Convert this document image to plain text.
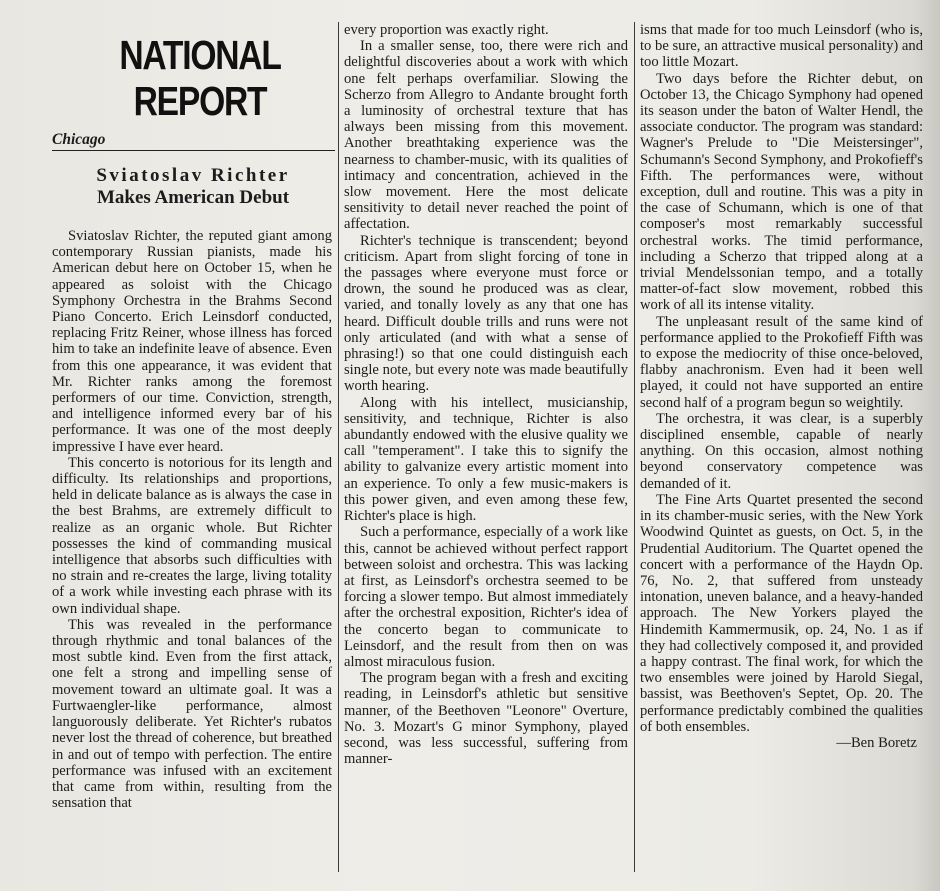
NATIONAL
REPORT
Chicago
Sviatoslav Richter
Makes American Debut

Sviatoslav Richter, the reputed giant among contemporary Russian pianists, made his American debut here on October 15, when he appeared as soloist with the Chicago Symphony Orchestra in the Brahms Second Piano Concerto. Erich Leinsdorf conducted, replacing Fritz Reiner, whose illness has forced him to take an indefinite leave of absence. Even from this one appearance, it was evident that Mr. Richter ranks among the foremost performers of our time. Conviction, strength, and intelligence informed every bar of his performance. It was one of the most deeply impressive I have ever heard.

This concerto is notorious for its length and difficulty. Its relationships and proportions, held in delicate balance as is always the case in the best Brahms, are extremely difficult to realize as an organic whole. But Richter possesses the kind of commanding musical intelligence that absorbs such difficulties with no strain and re-creates the large, living totality of a work while investing each phrase with its own individual shape.

This was revealed in the performance through rhythmic and tonal balances of the most subtle kind. Even from the first attack, one felt a strong and impelling sense of movement toward an ultimate goal. It was a Furtwaengler-like performance, almost languorously deliberate. Yet Richter's rubatos never lost the thread of coherence, but breathed in and out of tempo with perfection. The entire performance was infused with an excitement that came from within, resulting from the sensation that

every proportion was exactly right.

In a smaller sense, too, there were rich and delightful discoveries about a work with which one felt perhaps overfamiliar. Slowing the Scherzo from Allegro to Andante brought forth a luminosity of orchestral texture that has always been missing from this movement. Another breathtaking experience was the nearness to chamber-music, with its qualities of intimacy and concentration, achieved in the slow movement. Here the most delicate sensitivity to detail never reached the point of affectation.

Richter's technique is transcendent; beyond criticism. Apart from slight forcing of tone in the passages where everyone must force or drown, the sound he produced was as clear, varied, and tonally lovely as any that one has heard. Difficult double trills and runs were not only articulated (and with what a sense of phrasing!) so that one could distinguish each single note, but every note was made beautifully worth hearing.

Along with his intellect, musicianship, sensitivity, and technique, Richter is also abundantly endowed with the elusive quality we call "temperament". I take this to signify the ability to galvanize every artistic moment into an experience. To only a few music-makers is this power given, and even among these few, Richter's place is high.

Such a performance, especially of a work like this, cannot be achieved without perfect rapport between soloist and orchestra. This was lacking at first, as Leinsdorf's orchestra seemed to be forcing a slower tempo. But almost immediately after the orchestral exposition, Richter's idea of the concerto began to communicate to Leinsdorf, and the result from then on was almost miraculous fusion.

The program began with a fresh and exciting reading, in Leinsdorf's athletic but sensitive manner, of the Beethoven "Leonore" Overture, No. 3. Mozart's G minor Symphony, played second, was less successful, suffering from manner-

isms that made for too much Leinsdorf (who is, to be sure, an attractive musical personality) and too little Mozart.

Two days before the Richter debut, on October 13, the Chicago Symphony had opened its season under the baton of Walter Hendl, the associate conductor. The program was standard: Wagner's Prelude to "Die Meistersinger", Schumann's Second Symphony, and Prokofieff's Fifth. The performances were, without exception, dull and routine. This was a pity in the case of Schumann, which is one of that composer's most remarkably successful orchestral works. The timid performance, including a Scherzo that tripped along at a trivial Mendelssonian tempo, and a totally matter-of-fact slow movement, robbed this work of all its intense vitality.

The unpleasant result of the same kind of performance applied to the Prokofieff Fifth was to expose the mediocrity of thise once-beloved, flabby anachronism. Even had it been well played, it could not have supported an entire second half of a program begun so weightily.

The orchestra, it was clear, is a superbly disciplined ensemble, capable of nearly anything. On this occasion, almost nothing beyond conservatory competence was demanded of it.

The Fine Arts Quartet presented the second in its chamber-music series, with the New York Woodwind Quintet as guests, on Oct. 5, in the Prudential Auditorium. The Quartet opened the concert with a performance of the Haydn Op. 76, No. 2, that suffered from unsteady intonation, uneven balance, and a heavy-handed approach. The New Yorkers played the Hindemith Kammermusik, op. 24, No. 1 as if they had collectively composed it, and provided a happy contrast. The final work, for which the two ensembles were joined by Harold Siegal, bassist, was Beethoven's Septet, Op. 20. The performance predictably combined the qualities of both ensembles.

—Ben Boretz
